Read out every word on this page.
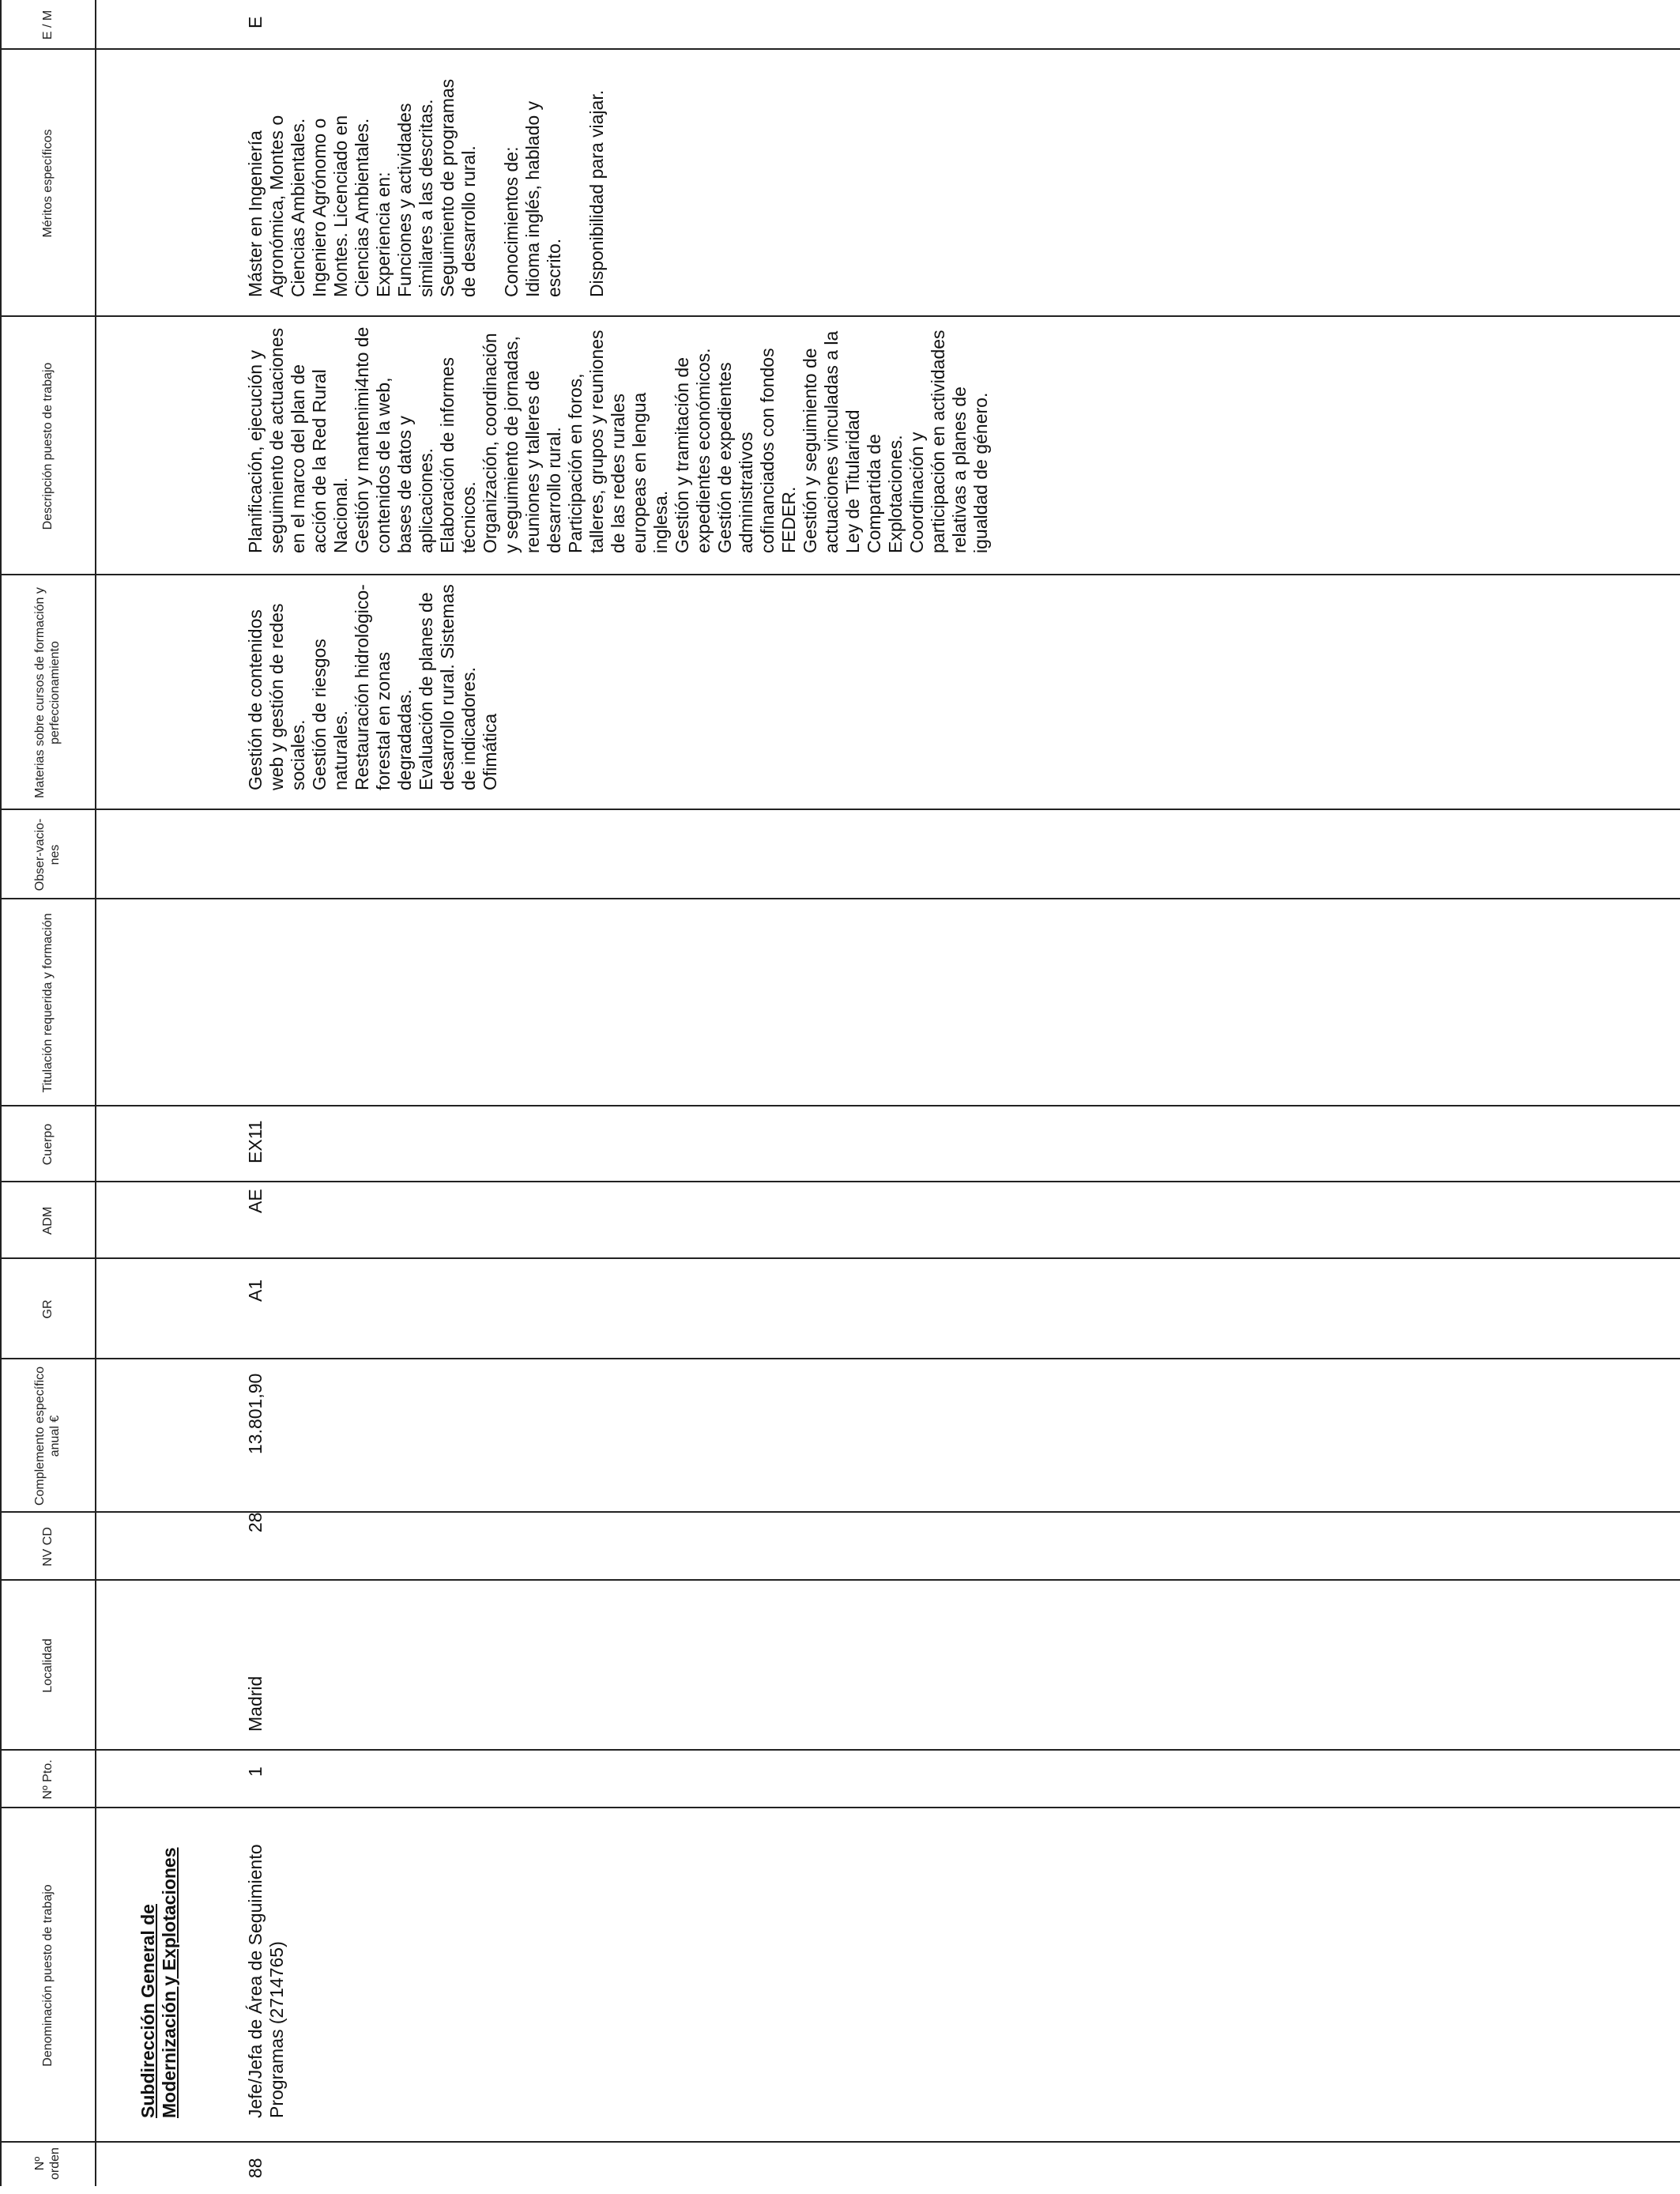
Nº orden
Denominación puesto de trabajo
Nº Pto.
Localidad
NV CD
Complemento específico anual €
GR
ADM
Cuerpo
Titulación requerida y formación
Obser-vacio-nes
Materias sobre cursos de formación y perfeccionamiento
Descripción puesto de trabajo
Méritos específicos
E / M
Subdirección General de Modernización y Explotaciones
88
Jefe/Jefa de Área de Seguimiento Programas (2714765)
1
Madrid
28
13.801,90
A1
AE
EX11
E
Gestión de contenidos web y gestión de redes sociales. Gestión de riesgos naturales. Restauración hidrológico-forestal en zonas degradadas. Evaluación de planes de desarrollo rural. Sistemas de indicadores. Ofimática
Planificación, ejecución y seguimiento de actuaciones en el marco del plan de acción de la Red Rural Nacional. Gestión y mantenimi4nto de contenidos de la web, bases de datos y aplicaciones. Elaboración de informes técnicos. Organización, coordinación y seguimiento de jornadas, reuniones y talleres de desarrollo rural. Participación en foros, talleres, grupos y reuniones de las redes rurales europeas en lengua inglesa. Gestión y tramitación de expedientes económicos. Gestión de expedientes administrativos cofinanciados con fondos FEDER. Gestión y seguimiento de actuaciones vinculadas a la Ley de Titularidad Compartida de Explotaciones. Coordinación y participación en actividades relativas a planes de igualdad de género.
Máster en Ingeniería Agronómica, Montes o Ciencias Ambientales. Ingeniero Agrónomo o Montes. Licenciado en Ciencias Ambientales. Experiencia en: Funciones y actividades similares a las descritas. Seguimiento de programas de desarrollo rural. Conocimientos de: Idioma inglés, hablado y escrito. Disponibilidad para viajar.
